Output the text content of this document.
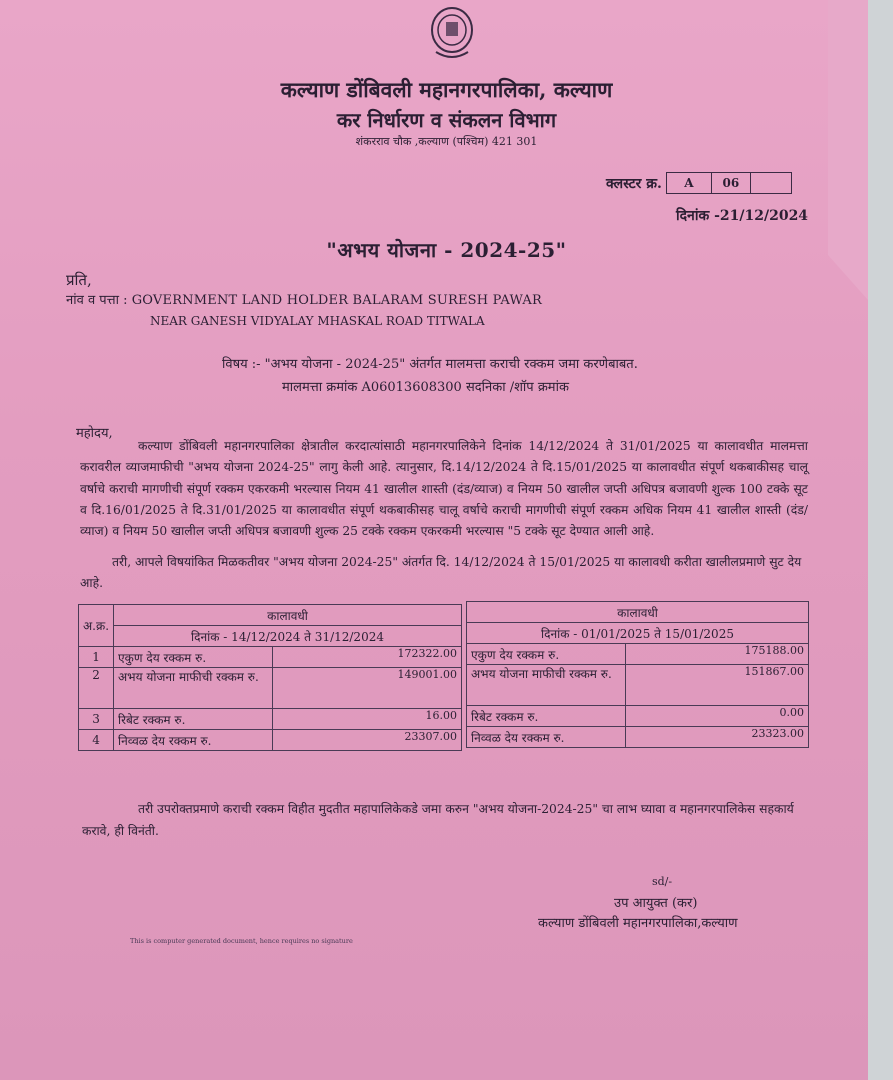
कल्याण डोंबिवली महानगरपालिका, कल्याण
कर निर्धारण व संकलन विभाग
शंकरराव चौक ,कल्याण (पश्चिम) 421 301
क्लस्टर क्र.	A	06
दिनांक -21/12/2024
"अभय योजना - 2024-25"
प्रति,
नांव व पत्ता : GOVERNMENT LAND HOLDER BALARAM SURESH PAWAR
NEAR GANESH VIDYALAY MHASKAL ROAD TITWALA
विषय :- "अभय योजना - 2024-25" अंतर्गत मालमत्ता कराची रक्कम जमा करणेबाबत.
मालमत्ता क्रमांक A06013608300 सदनिका /शॉप क्रमांक
महोदय,
कल्याण डोंबिवली महानगरपालिका क्षेत्रातील करदात्यांसाठी महानगरपालिकेने दिनांक 14/12/2024 ते 31/01/2025 या कालावधीत मालमत्ता करावरील व्याजमाफीची "अभय योजना 2024-25" लागु केली आहे. त्यानुसार, दि.14/12/2024 ते दि.15/01/2025 या कालावधीत संपूर्ण थकबाकीसह चालू वर्षाचे कराची मागणीची संपूर्ण रक्कम एकरकमी भरल्यास नियम 41 खालील शास्ती (दंड/व्याज) व नियम 50 खालील जप्ती अधिपत्र बजावणी शुल्क 100 टक्के सूट व दि.16/01/2025 ते दि.31/01/2025 या कालावधीत संपूर्ण थकबाकीसह चालू वर्षाचे कराची मागणीची संपूर्ण रक्कम अधिक नियम 41 खालील शास्ती (दंड/व्याज) व नियम 50 खालील जप्ती अधिपत्र बजावणी शुल्क 25 टक्के रक्कम एकरकमी भरल्यास "5 टक्के सूट देण्यात आली आहे.
तरी, आपले विषयांकित मिळकतीवर "अभय योजना 2024-25" अंतर्गत दि. 14/12/2024 ते 15/01/2025 या कालावधी करीता खालीलप्रमाणे सुट देय आहे.
अ.क्र.	कालावधी	
	दिनांक - 14/12/2024 ते 31/12/2024	
1	एकुण देय रक्कम रु.	172322.00
2	अभय योजना माफीची रक्कम रु.	149001.00
3	रिबेट रक्कम रु.	16.00
4	निव्वळ देय रक्कम रु.	23307.00
कालावधी	
दिनांक - 01/01/2025 ते 15/01/2025	
एकुण देय रक्कम रु.	175188.00
अभय योजना माफीची रक्कम रु.	151867.00
रिबेट रक्कम रु.	0.00
निव्वळ देय रक्कम रु.	23323.00
तरी उपरोक्तप्रमाणे कराची रक्कम विहीत मुदतीत महापालिकेकडे जमा करुन "अभय योजना-2024-25" चा लाभ घ्यावा व महानगरपालिकेस सहकार्य करावे, ही विनंती.
sd/-
उप आयुक्त (कर)
कल्याण डोंबिवली महानगरपालिका,कल्याण
This is computer generated document, hence requires no signature
